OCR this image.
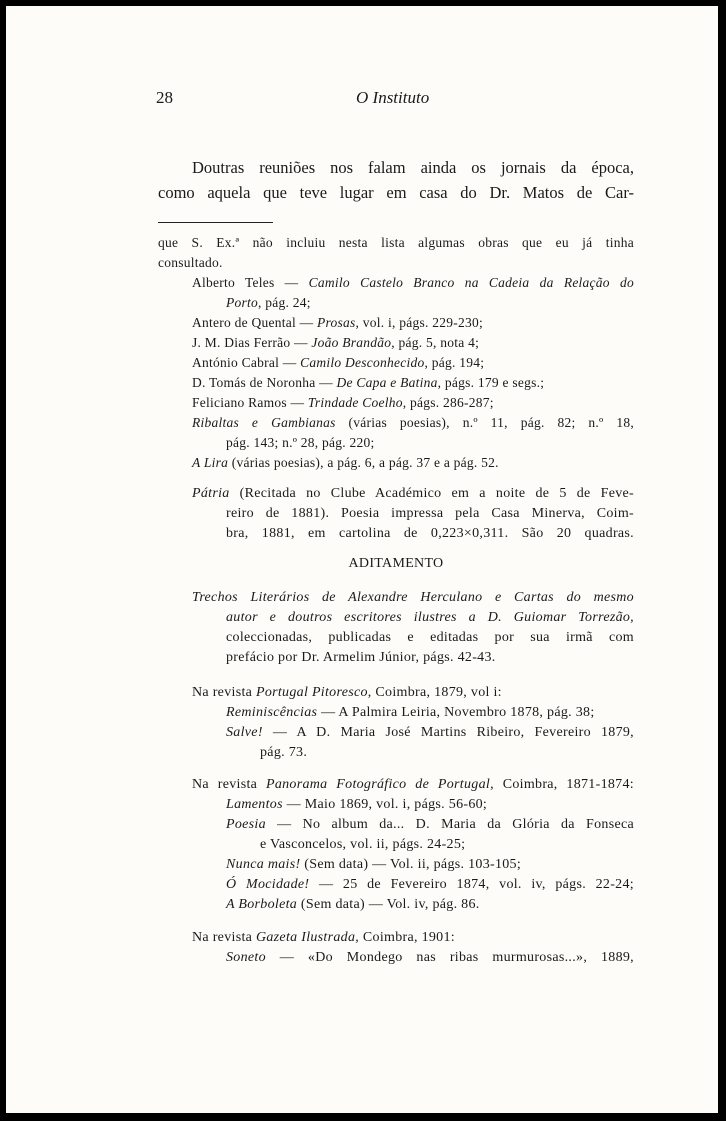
28	O Instituto
Doutras reuniões nos falam ainda os jornais da época,
como aquela que teve lugar em casa do Dr. Matos de Car-
que S. Ex.ª não incluiu nesta lista algumas obras que eu já tinha
consultado.
Alberto Teles — Camilo Castelo Branco na Cadeia da Relação do
Porto, pág. 24;
Antero de Quental — Prosas, vol. i, págs. 229-230;
J. M. Dias Ferrão — João Brandão, pág. 5, nota 4;
António Cabral — Camilo Desconhecido, pág. 194;
D. Tomás de Noronha — De Capa e Batina, págs. 179 e segs.;
Feliciano Ramos — Trindade Coelho, págs. 286-287;
Ribaltas e Gambianas (várias poesias), n.º 11, pág. 82; n.º 18,
pág. 143; n.º 28, pág. 220;
A Lira (várias poesias), a pág. 6, a pág. 37 e a pág. 52.
Pátria (Recitada no Clube Académico em a noite de 5 de Feve-
reiro de 1881). Poesia impressa pela Casa Minerva, Coim-
bra, 1881, em cartolina de 0,223×0,311. São 20 quadras.
ADITAMENTO
Trechos Literários de Alexandre Herculano e Cartas do mesmo
autor e doutros escritores ilustres a D. Guiomar Torrezão,
coleccionadas, publicadas e editadas por sua irmã com
prefácio por Dr. Armelim Júnior, págs. 42-43.
Na revista Portugal Pitoresco, Coimbra, 1879, vol i:
Reminiscências — A Palmira Leiria, Novembro 1878, pág. 38;
Salve! — A D. Maria José Martins Ribeiro, Fevereiro 1879,
pág. 73.
Na revista Panorama Fotográfico de Portugal, Coimbra, 1871-1874:
Lamentos — Maio 1869, vol. i, págs. 56-60;
Poesia — No album da... D. Maria da Glória da Fonseca
e Vasconcelos, vol. ii, págs. 24-25;
Nunca mais! (Sem data) — Vol. ii, págs. 103-105;
Ó Mocidade! — 25 de Fevereiro 1874, vol. iv, págs. 22-24;
A Borboleta (Sem data) — Vol. iv, pág. 86.
Na revista Gazeta Ilustrada, Coimbra, 1901:
Soneto — «Do Mondego nas ribas murmurosas...», 1889,
